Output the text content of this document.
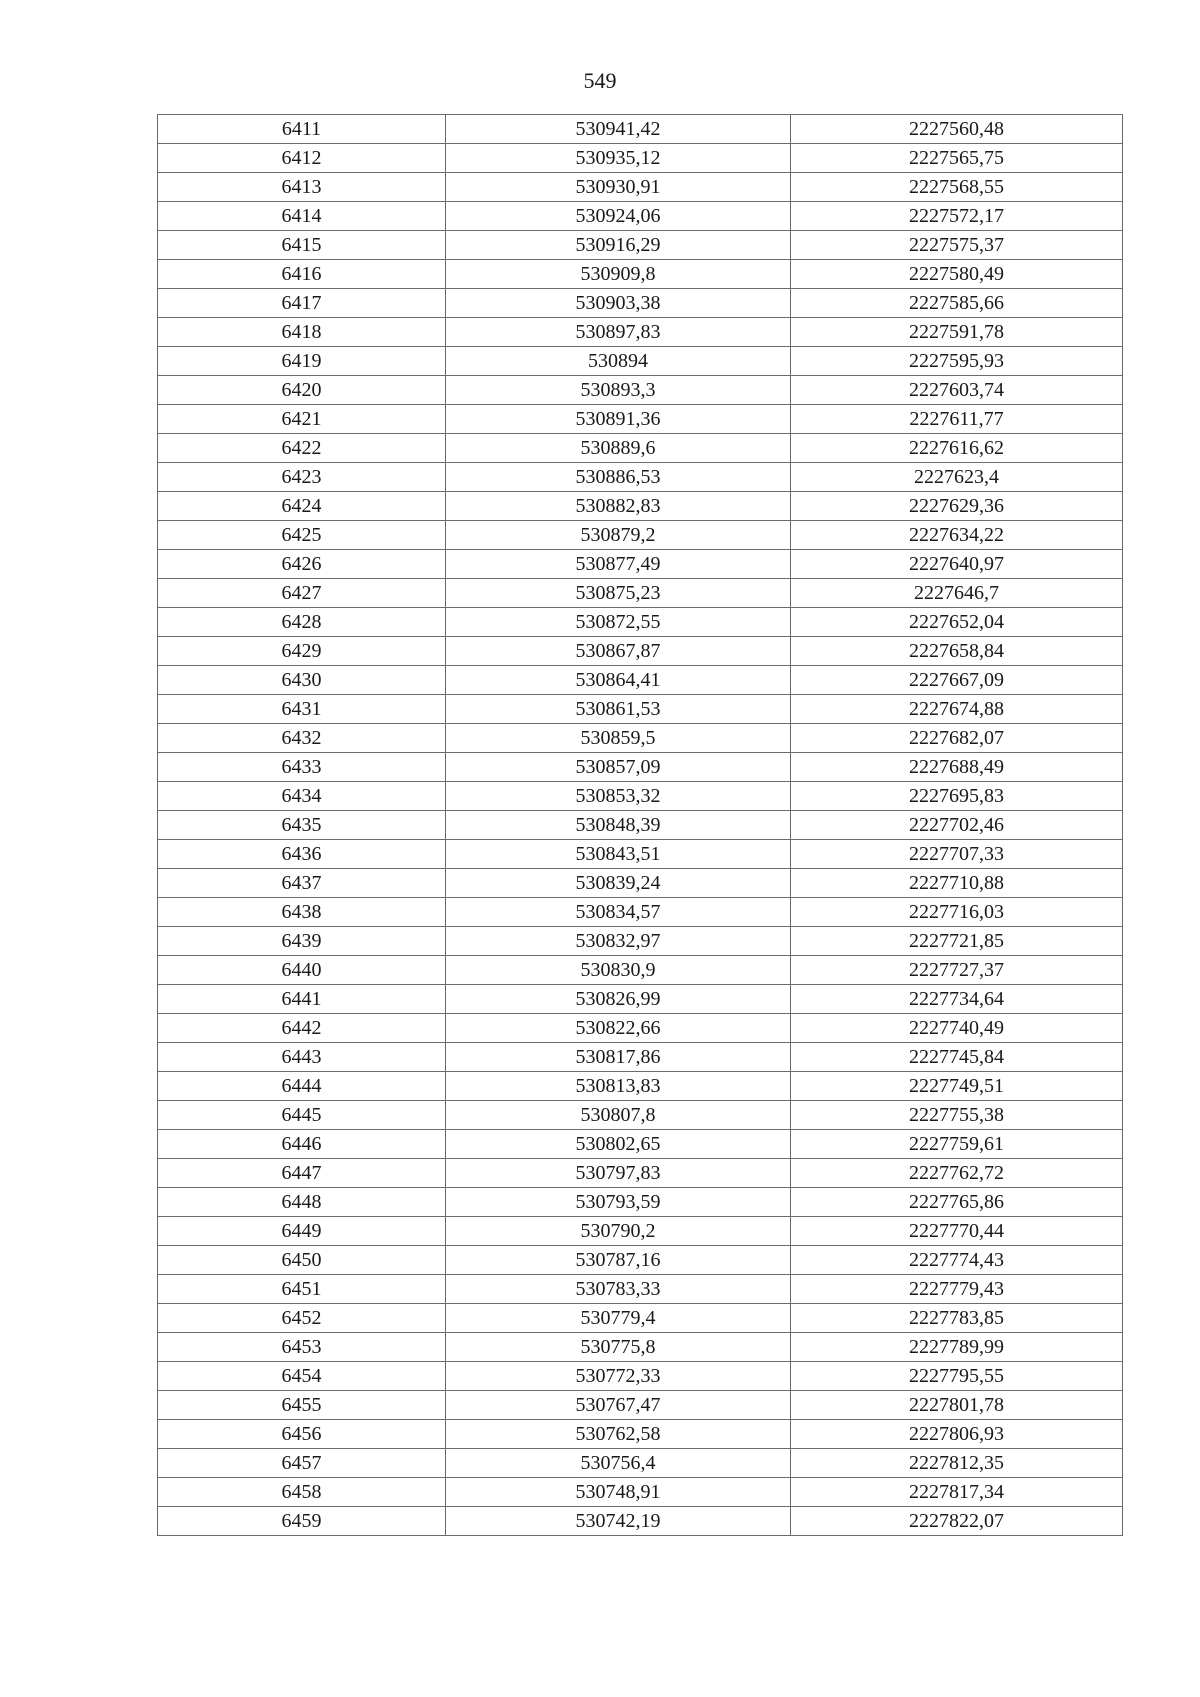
549
6411	530941,42	2227560,48
6412	530935,12	2227565,75
6413	530930,91	2227568,55
6414	530924,06	2227572,17
6415	530916,29	2227575,37
6416	530909,8	2227580,49
6417	530903,38	2227585,66
6418	530897,83	2227591,78
6419	530894	2227595,93
6420	530893,3	2227603,74
6421	530891,36	2227611,77
6422	530889,6	2227616,62
6423	530886,53	2227623,4
6424	530882,83	2227629,36
6425	530879,2	2227634,22
6426	530877,49	2227640,97
6427	530875,23	2227646,7
6428	530872,55	2227652,04
6429	530867,87	2227658,84
6430	530864,41	2227667,09
6431	530861,53	2227674,88
6432	530859,5	2227682,07
6433	530857,09	2227688,49
6434	530853,32	2227695,83
6435	530848,39	2227702,46
6436	530843,51	2227707,33
6437	530839,24	2227710,88
6438	530834,57	2227716,03
6439	530832,97	2227721,85
6440	530830,9	2227727,37
6441	530826,99	2227734,64
6442	530822,66	2227740,49
6443	530817,86	2227745,84
6444	530813,83	2227749,51
6445	530807,8	2227755,38
6446	530802,65	2227759,61
6447	530797,83	2227762,72
6448	530793,59	2227765,86
6449	530790,2	2227770,44
6450	530787,16	2227774,43
6451	530783,33	2227779,43
6452	530779,4	2227783,85
6453	530775,8	2227789,99
6454	530772,33	2227795,55
6455	530767,47	2227801,78
6456	530762,58	2227806,93
6457	530756,4	2227812,35
6458	530748,91	2227817,34
6459	530742,19	2227822,07
